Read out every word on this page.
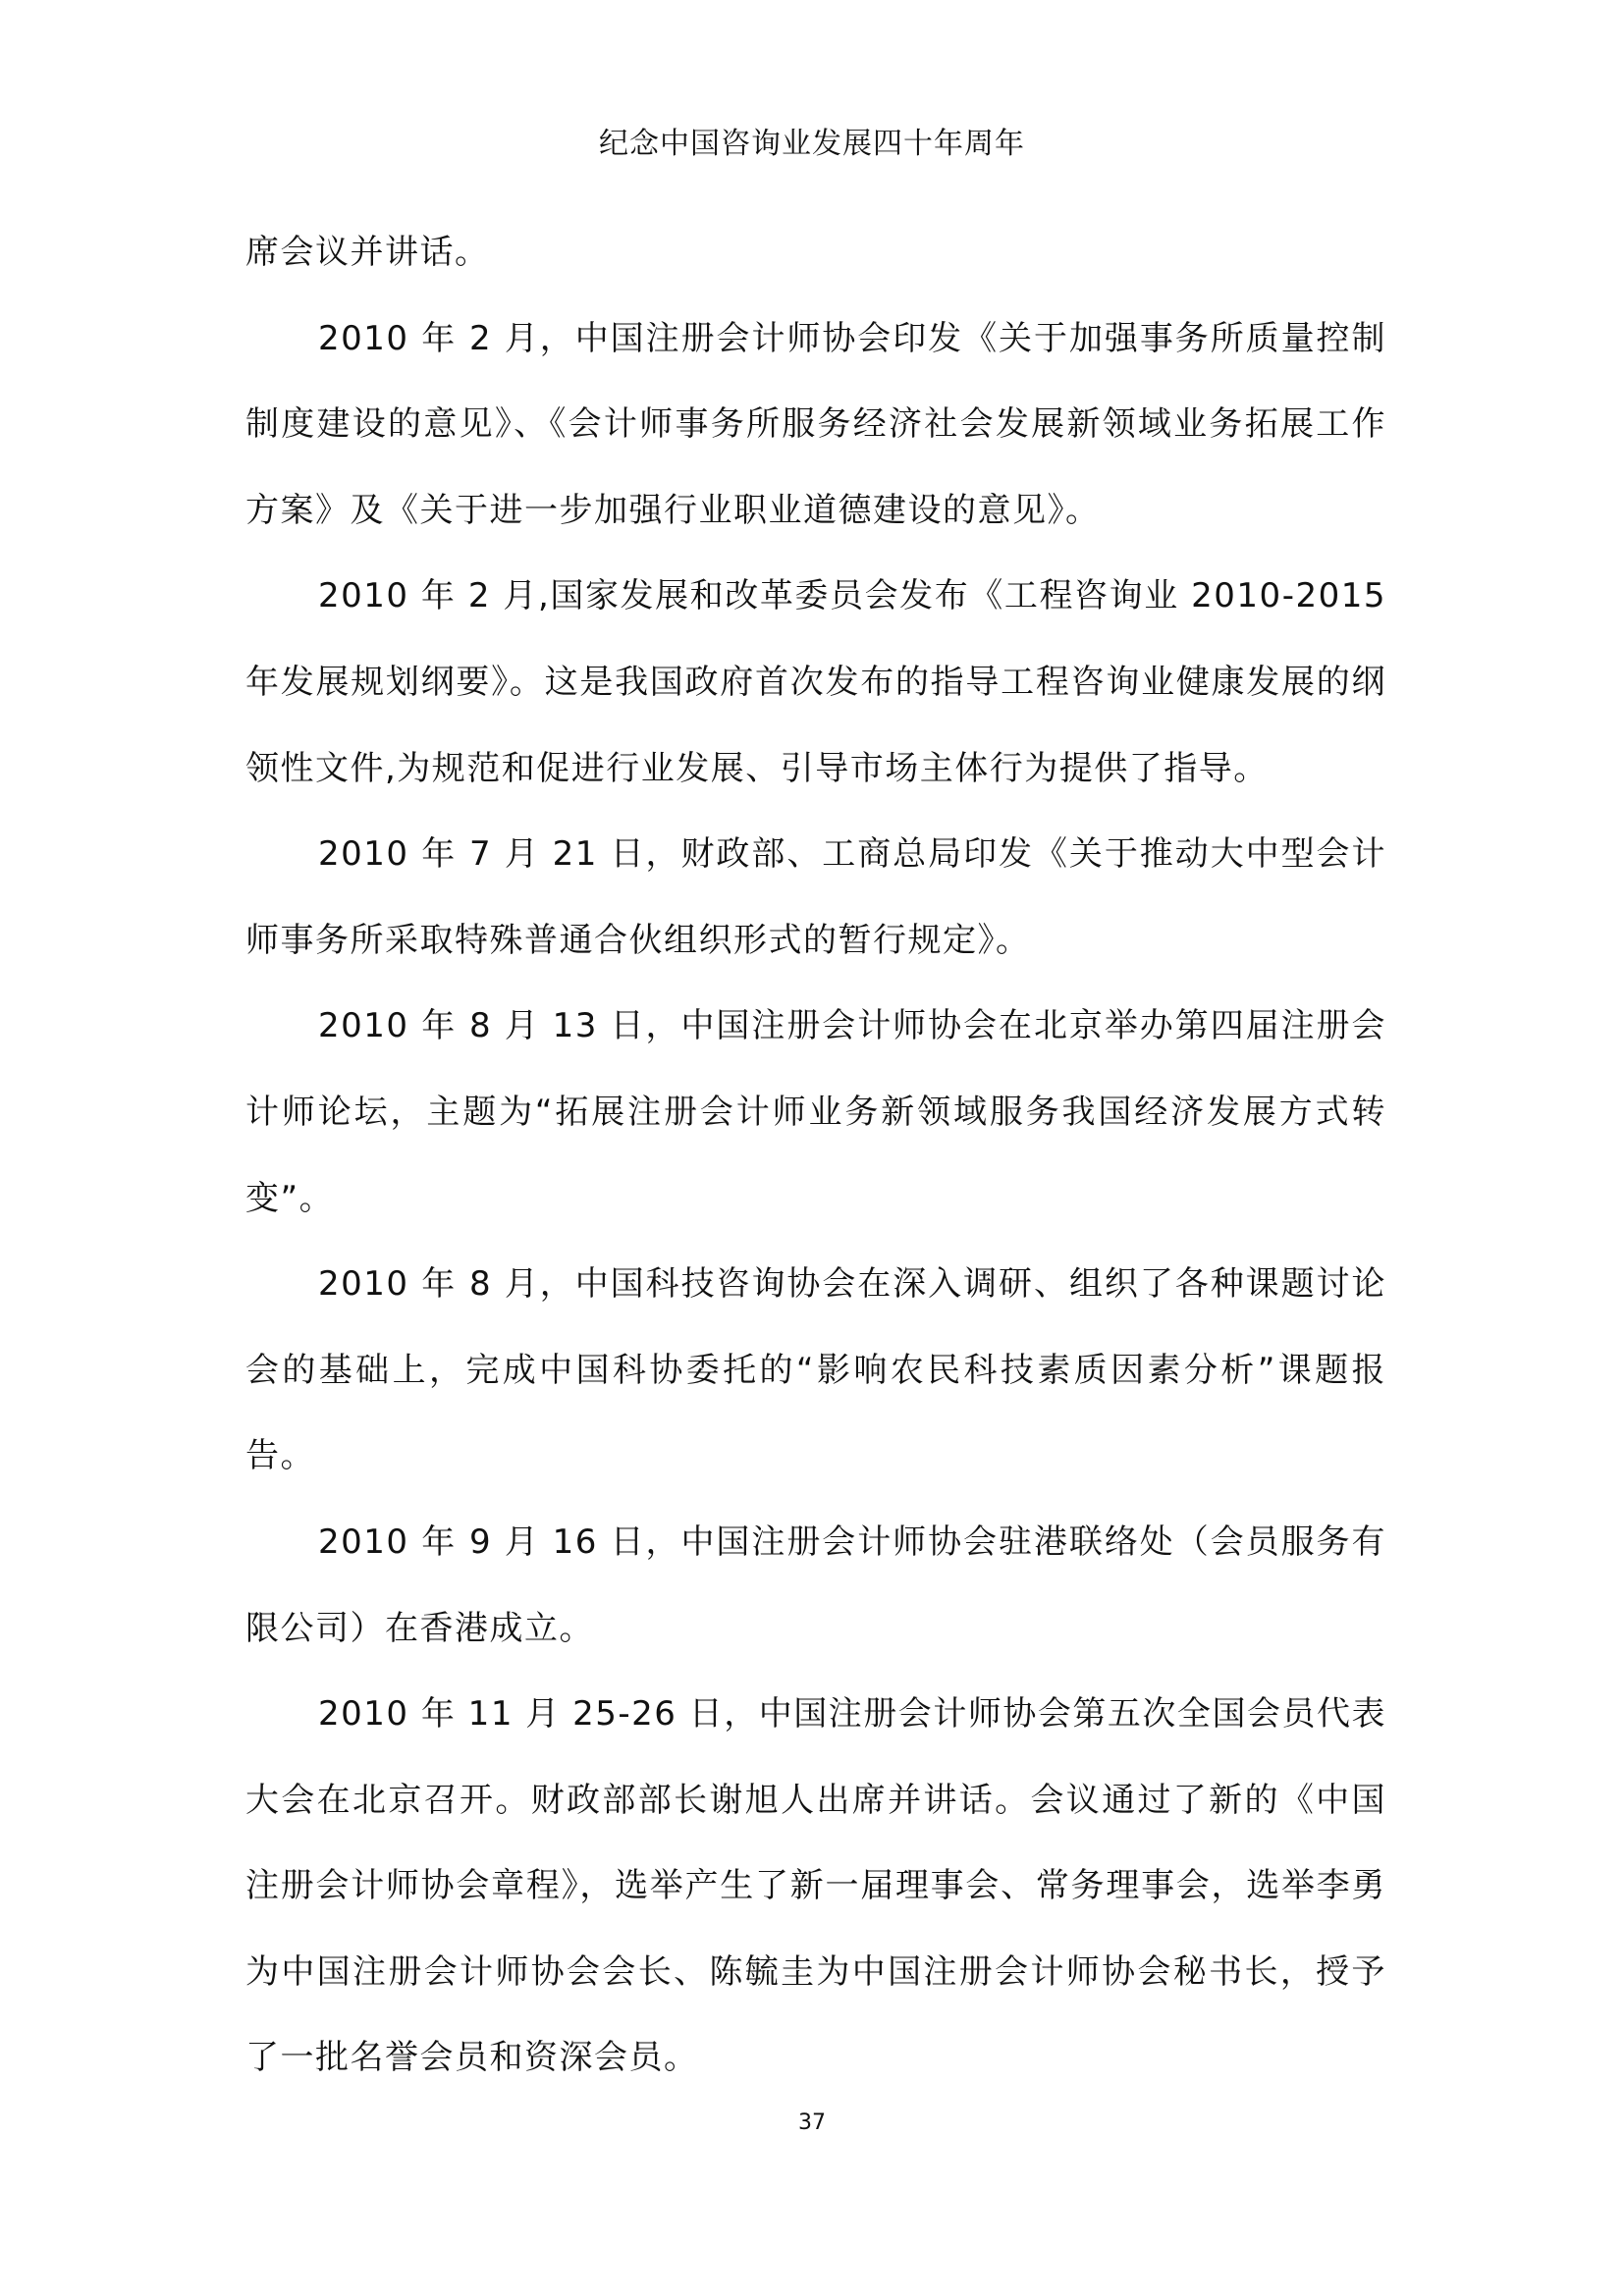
纪念中国咨询业发展四十年周年

席会议并讲话。

2010 年 2 月，中国注册会计师协会印发《关于加强事务所质量控制制度建设的意见》、《会计师事务所服务经济社会发展新领域业务拓展工作方案》及《关于进一步加强行业职业道德建设的意见》。

2010 年 2 月,国家发展和改革委员会发布《工程咨询业 2010-2015 年发展规划纲要》。这是我国政府首次发布的指导工程咨询业健康发展的纲领性文件,为规范和促进行业发展、引导市场主体行为提供了指导。

2010 年 7 月 21 日，财政部、工商总局印发《关于推动大中型会计师事务所采取特殊普通合伙组织形式的暂行规定》。

2010 年 8 月 13 日，中国注册会计师协会在北京举办第四届注册会计师论坛，主题为“拓展注册会计师业务新领域服务我国经济发展方式转变”。

2010 年 8 月，中国科技咨询协会在深入调研、组织了各种课题讨论会的基础上，完成中国科协委托的“影响农民科技素质因素分析”课题报告。

2010 年 9 月 16 日，中国注册会计师协会驻港联络处（会员服务有限公司）在香港成立。

2010 年 11 月 25-26 日，中国注册会计师协会第五次全国会员代表大会在北京召开。财政部部长谢旭人出席并讲话。会议通过了新的《中国注册会计师协会章程》，选举产生了新一届理事会、常务理事会，选举李勇为中国注册会计师协会会长、陈毓圭为中国注册会计师协会秘书长，授予了一批名誉会员和资深会员。

37
